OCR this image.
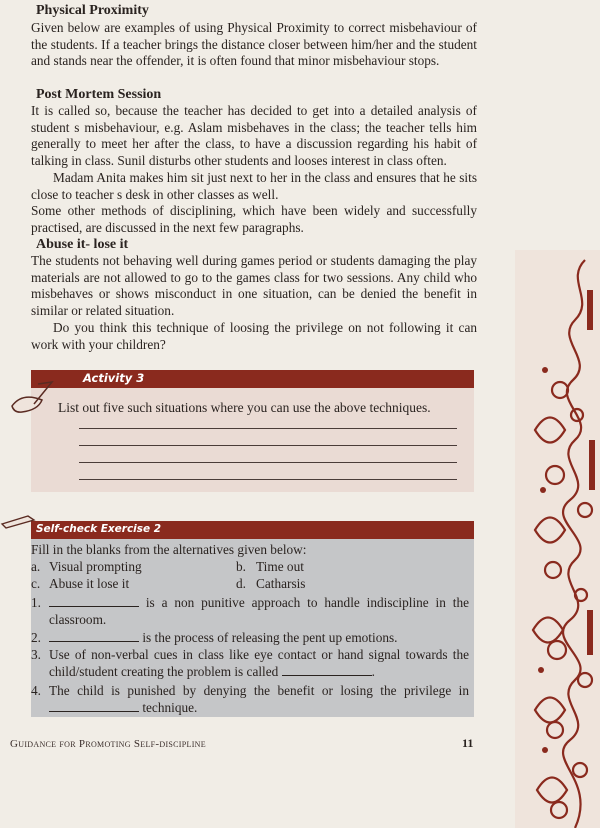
Physical Proximity

Given below are examples of using Physical Proximity to correct misbehaviour of the students. If a teacher brings the distance closer between him/her and the student and stands near the offender, it is often found that minor misbehaviour stops.

Post Mortem Session

It is called so, because the teacher has decided to get into a detailed analysis of student s misbehaviour, e.g. Aslam misbehaves in the class; the teacher tells him generally to meet her after the class, to have a discussion regarding his habit of talking in class. Sunil disturbs other students and looses interest in class often.

Madam Anita makes him sit just next to her in the class and ensures that he sits close to teacher s desk in other classes as well.

Some other methods of disciplining, which have been widely and successfully practised, are discussed in the next few paragraphs.

Abuse it- lose it

The students not behaving well during games period or students damaging the play materials are not allowed to go to the games class for two sessions. Any child who misbehaves or shows misconduct in one situation, can be denied the benefit in similar or related situation.

Do you think this technique of loosing the privilege on not following it can work with your children?

Activity 3
List out five such situations where you can use the above techniques.
Self-check Exercise 2
Fill in the blanks from the alternatives given below:
a. Visual prompting	b. Time out
c. Abuse it lose it	d. Catharsis
1.	is a non punitive approach to handle indiscipline in the classroom.
2.	is the process of releasing the pent up emotions.
3. Use of non-verbal cues in class like eye contact or hand signal towards the child/student creating the problem is called	.
4. The child is punished by denying the benefit or losing the privilege in  technique.
Guidance for Promoting Self-discipline	11
